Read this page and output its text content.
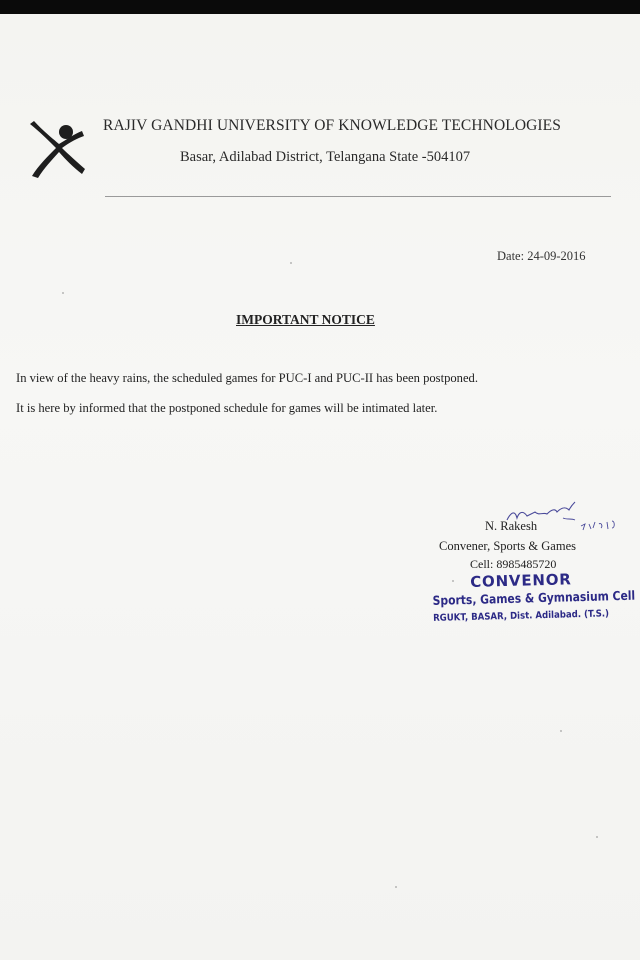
RAJIV GANDHI UNIVERSITY OF KNOWLEDGE TECHNOLOGIES
Basar, Adilabad District, Telangana State -504107
Date: 24-09-2016
IMPORTANT NOTICE
In view of the heavy rains, the scheduled games for PUC-I and PUC-II has been postponed.
It is here by informed that the postponed schedule for games will be intimated later.
N. Rakesh
Convener, Sports & Games
Cell: 8985485720
CONVENOR
Sports, Games & Gymnasium Cell
RGUKT, BASAR, Dist. Adilabad. (T.S.)
